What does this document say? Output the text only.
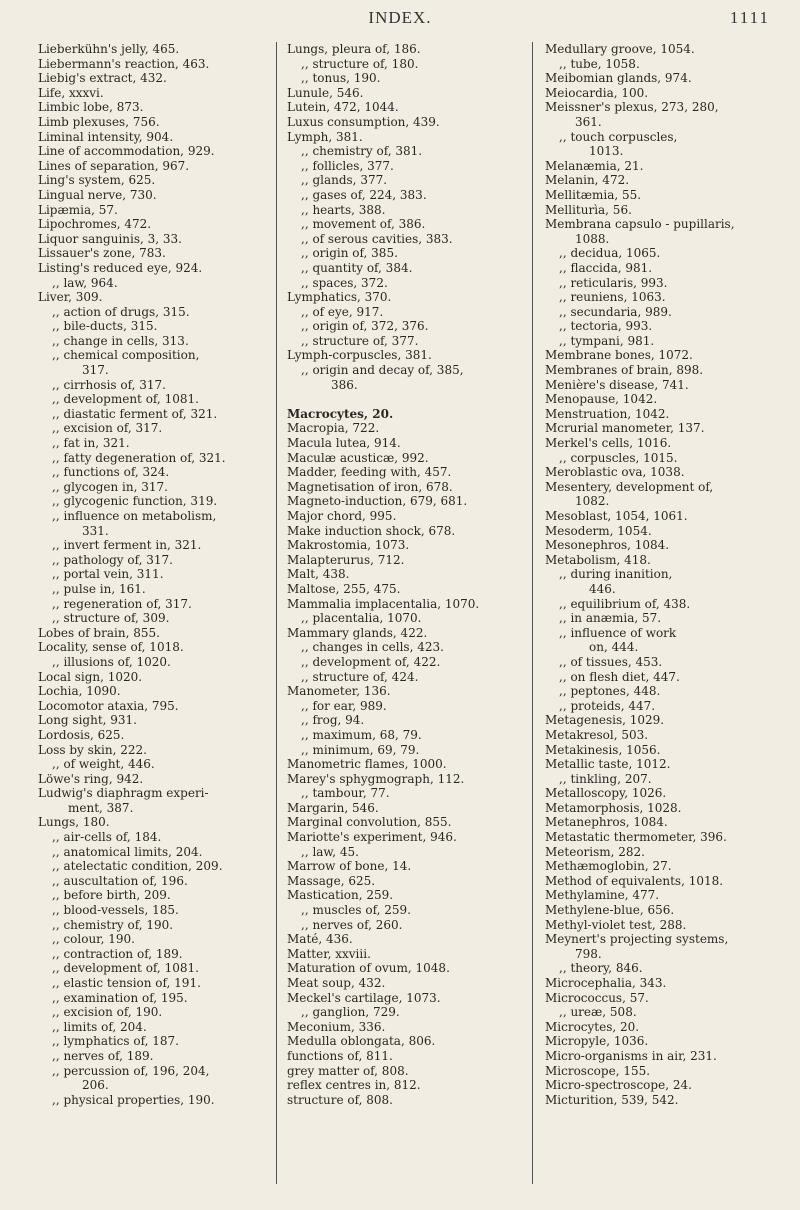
INDEX.	1111
Lieberkühn's jelly, 465.
Liebermann's reaction, 463.
Liebig's extract, 432.
Life, xxxvi.
Limbic lobe, 873.
Limb plexuses, 756.
Liminal intensity, 904.
Line of accommodation, 929.
Lines of separation, 967.
Ling's system, 625.
Lingual nerve, 730.
Lipæmia, 57.
Lipochromes, 472.
Liquor sanguinis, 3, 33.
Lissauer's zone, 783.
Listing's reduced eye, 924.
,, law, 964.
Liver, 309.
,, action of drugs, 315.
,, bile-ducts, 315.
,, change in cells, 313.
,, chemical composition,
317.
,, cirrhosis of, 317.
,, development of, 1081.
,, diastatic ferment of, 321.
,, excision of, 317.
,, fat in, 321.
,, fatty degeneration of, 321.
,, functions of, 324.
,, glycogen in, 317.
,, glycogenic function, 319.
,, influence on metabolism,
331.
,, invert ferment in, 321.
,, pathology of, 317.
,, portal vein, 311.
,, pulse in, 161.
,, regeneration of, 317.
,, structure of, 309.
Lobes of brain, 855.
Locality, sense of, 1018.
,, illusions of, 1020.
Local sign, 1020.
Lochia, 1090.
Locomotor ataxia, 795.
Long sight, 931.
Lordosis, 625.
Loss by skin, 222.
,, of weight, 446.
Löwe's ring, 942.
Ludwig's diaphragm experi-
ment, 387.
Lungs, 180.
,, air-cells of, 184.
,, anatomical limits, 204.
,, atelectatic condition, 209.
,, auscultation of, 196.
,, before birth, 209.
,, blood-vessels, 185.
,, chemistry of, 190.
,, colour, 190.
,, contraction of, 189.
,, development of, 1081.
,, elastic tension of, 191.
,, examination of, 195.
,, excision of, 190.
,, limits of, 204.
,, lymphatics of, 187.
,, nerves of, 189.
,, percussion of, 196, 204,
206.
,, physical properties, 190.
Lungs, pleura of, 186.
,, structure of, 180.
,, tonus, 190.
Lunule, 546.
Lutein, 472, 1044.
Luxus consumption, 439.
Lymph, 381.
,, chemistry of, 381.
,, follicles, 377.
,, glands, 377.
,, gases of, 224, 383.
,, hearts, 388.
,, movement of, 386.
,, of serous cavities, 383.
,, origin of, 385.
,, quantity of, 384.
,, spaces, 372.
Lymphatics, 370.
,, of eye, 917.
,, origin of, 372, 376.
,, structure of, 377.
Lymph-corpuscles, 381.
,, origin and decay of, 385,
386.

Macrocytes, 20.
Macropia, 722.
Macula lutea, 914.
Maculæ acusticæ, 992.
Madder, feeding with, 457.
Magnetisation of iron, 678.
Magneto-induction, 679, 681.
Major chord, 995.
Make induction shock, 678.
Makrostomia, 1073.
Malapterurus, 712.
Malt, 438.
Maltose, 255, 475.
Mammalia implacentalia, 1070.
,, placentalia, 1070.
Mammary glands, 422.
,, changes in cells, 423.
,, development of, 422.
,, structure of, 424.
Manometer, 136.
,, for ear, 989.
,, frog, 94.
,, maximum, 68, 79.
,, minimum, 69, 79.
Manometric flames, 1000.
Marey's sphygmograph, 112.
,, tambour, 77.
Margarin, 546.
Marginal convolution, 855.
Mariotte's experiment, 946.
,, law, 45.
Marrow of bone, 14.
Massage, 625.
Mastication, 259.
,, muscles of, 259.
,, nerves of, 260.
Maté, 436.
Matter, xxviii.
Maturation of ovum, 1048.
Meat soup, 432.
Meckel's cartilage, 1073.
,, ganglion, 729.
Meconium, 336.
Medulla oblongata, 806.
functions of, 811.
grey matter of, 808.
reflex centres in, 812.
structure of, 808.
Medullary groove, 1054.
,, tube, 1058.
Meibomian glands, 974.
Meiocardia, 100.
Meissner's plexus, 273, 280,
361.
,, touch corpuscles,
1013.
Melanæmia, 21.
Melanin, 472.
Mellitæmia, 55.
Melliturìa, 56.
Membrana capsulo - pupillaris,
1088.
,, decidua, 1065.
,, flaccida, 981.
,, reticularis, 993.
,, reuniens, 1063.
,, secundaria, 989.
,, tectoria, 993.
,, tympani, 981.
Membrane bones, 1072.
Membranes of brain, 898.
Menière's disease, 741.
Menopause, 1042.
Menstruation, 1042.
Mcrurial manometer, 137.
Merkel's cells, 1016.
,, corpuscles, 1015.
Meroblastic ova, 1038.
Mesentery, development of,
1082.
Mesoblast, 1054, 1061.
Mesoderm, 1054.
Mesonephros, 1084.
Metabolism, 418.
,, during inanition,
446.
,, equilibrium of, 438.
,, in anæmia, 57.
,, influence of work
on, 444.
,, of tissues, 453.
,, on flesh diet, 447.
,, peptones, 448.
,, proteids, 447.
Metagenesis, 1029.
Metakresol, 503.
Metakinesis, 1056.
Metallic taste, 1012.
,, tinkling, 207.
Metalloscopy, 1026.
Metamorphosis, 1028.
Metanephros, 1084.
Metastatic thermometer, 396.
Meteorism, 282.
Methæmoglobin, 27.
Method of equivalents, 1018.
Methylamine, 477.
Methylene-blue, 656.
Methyl-violet test, 288.
Meynert's projecting systems,
798.
,, theory, 846.
Microcephalia, 343.
Micrococcus, 57.
,, ureæ, 508.
Microcytes, 20.
Micropyle, 1036.
Micro-organisms in air, 231.
Microscope, 155.
Micro-spectroscope, 24.
Micturition, 539, 542.
